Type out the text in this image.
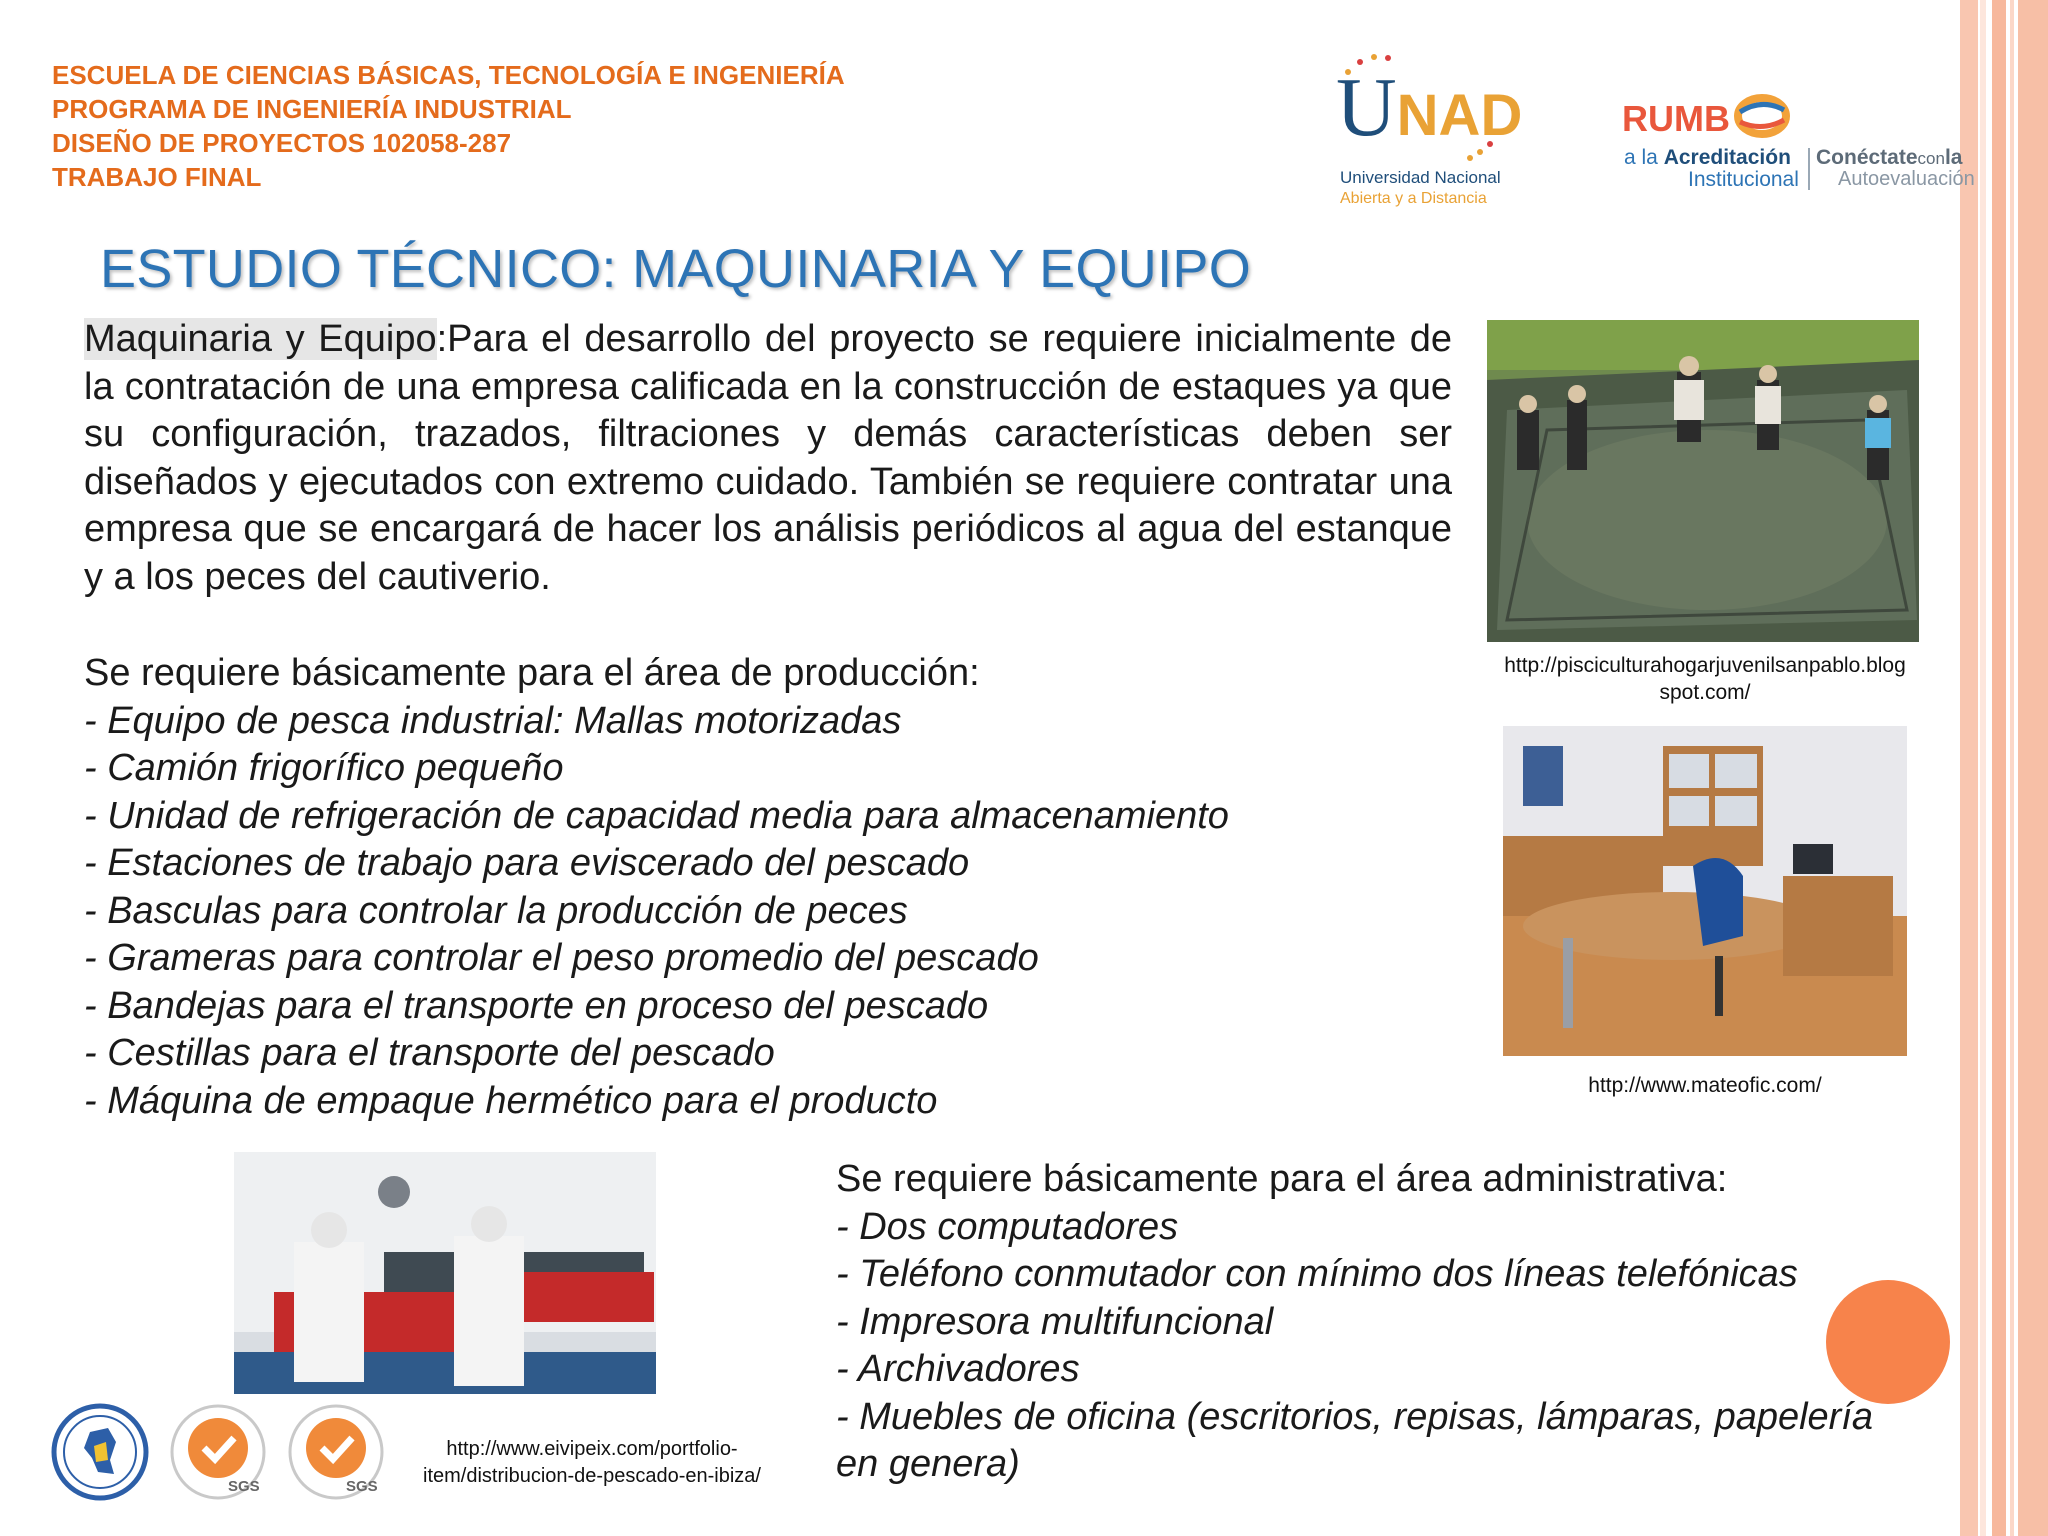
ESCUELA DE CIENCIAS BÁSICAS, TECNOLOGÍA E INGENIERÍA
PROGRAMA DE INGENIERÍA INDUSTRIAL
DISEÑO DE PROYECTOS 102058-287
TRABAJO FINAL
UNAD
Universidad Nacional
Abierta y a Distancia
RUMB
a la Acreditación
Institucional
Conéctateconla
Autoevaluación
ESTUDIO TÉCNICO: MAQUINARIA Y EQUIPO
Maquinaria y Equipo:Para el desarrollo del proyecto se requiere inicialmente de la contratación de una empresa calificada en la construcción de estaques ya que su configuración, trazados, filtraciones y demás características deben ser diseñados y ejecutados con extremo cuidado. También se requiere contratar una empresa que se encargará de hacer los análisis periódicos al agua del estanque y a los peces del cautiverio.
Se requiere básicamente para el área de producción:
- Equipo de pesca industrial: Mallas motorizadas
- Camión frigorífico pequeño
- Unidad de refrigeración de capacidad media para almacenamiento
- Estaciones de trabajo para eviscerado del pescado
- Basculas para controlar la producción de peces
- Grameras para controlar el peso promedio del pescado
- Bandejas para el transporte en proceso del pescado
- Cestillas para el transporte del pescado
- Máquina de empaque hermético para el producto
Se requiere básicamente para el área administrativa:
- Dos computadores
- Teléfono conmutador con mínimo dos líneas telefónicas
- Impresora multifuncional
- Archivadores
- Muebles de oficina (escritorios, repisas, lámparas, papelería en genera)
http://pisciculturahogarjuvenilsanpablo.blog
spot.com/
http://www.mateofic.com/
http://www.eivipeix.com/portfolio-
item/distribucion-de-pescado-en-ibiza/
SGS	SGS
